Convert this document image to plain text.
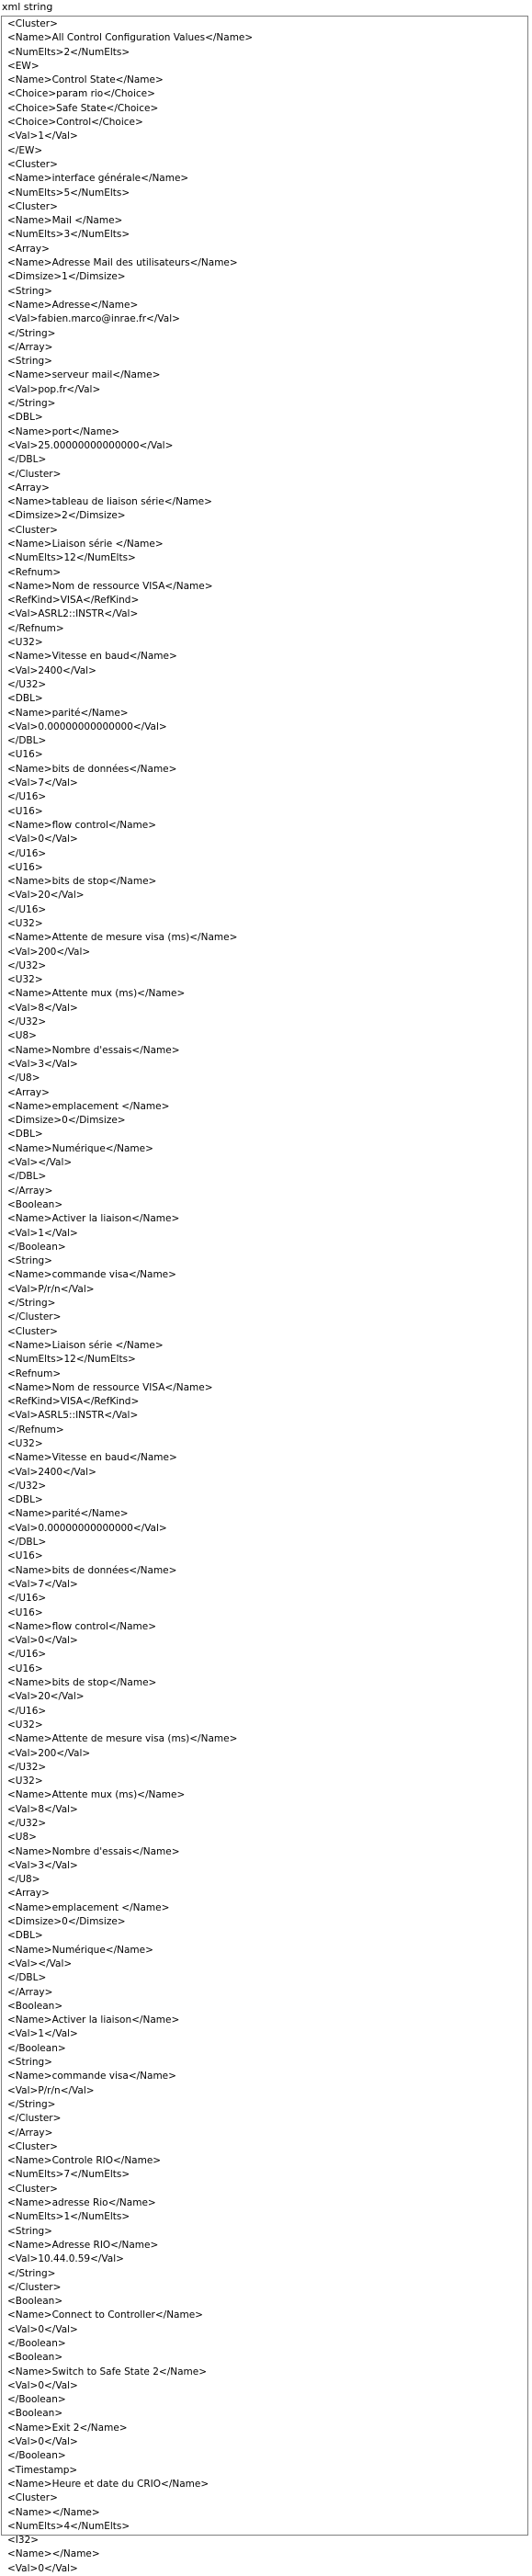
xml string
<Cluster>
<Name>All Control Configuration Values</Name>
<NumElts>2</NumElts>
<EW>
<Name>Control State</Name>
<Choice>param rio</Choice>
<Choice>Safe State</Choice>
<Choice>Control</Choice>
<Val>1</Val>
</EW>
<Cluster>
<Name>interface générale</Name>
<NumElts>5</NumElts>
<Cluster>
<Name>Mail </Name>
<NumElts>3</NumElts>
<Array>
<Name>Adresse Mail des utilisateurs</Name>
<Dimsize>1</Dimsize>
<String>
<Name>Adresse</Name>
<Val>fabien.marco@inrae.fr</Val>
</String>
</Array>
<String>
<Name>serveur mail</Name>
<Val>pop.fr</Val>
</String>
<DBL>
<Name>port</Name>
<Val>25.00000000000000</Val>
</DBL>
</Cluster>
<Array>
<Name>tableau de liaison série</Name>
<Dimsize>2</Dimsize>
<Cluster>
<Name>Liaison série </Name>
<NumElts>12</NumElts>
<Refnum>
<Name>Nom de ressource VISA</Name>
<RefKind>VISA</RefKind>
<Val>ASRL2::INSTR</Val>
</Refnum>
<U32>
<Name>Vitesse en baud</Name>
<Val>2400</Val>
</U32>
<DBL>
<Name>parité</Name>
<Val>0.00000000000000</Val>
</DBL>
<U16>
<Name>bits de données</Name>
<Val>7</Val>
</U16>
<U16>
<Name>flow control</Name>
<Val>0</Val>
</U16>
<U16>
<Name>bits de stop</Name>
<Val>20</Val>
</U16>
<U32>
<Name>Attente de mesure visa (ms)</Name>
<Val>200</Val>
</U32>
<U32>
<Name>Attente mux (ms)</Name>
<Val>8</Val>
</U32>
<U8>
<Name>Nombre d'essais</Name>
<Val>3</Val>
</U8>
<Array>
<Name>emplacement </Name>
<Dimsize>0</Dimsize>
<DBL>
<Name>Numérique</Name>
<Val></Val>
</DBL>
</Array>
<Boolean>
<Name>Activer la liaison</Name>
<Val>1</Val>
</Boolean>
<String>
<Name>commande visa</Name>
<Val>P/r/n</Val>
</String>
</Cluster>
<Cluster>
<Name>Liaison série </Name>
<NumElts>12</NumElts>
<Refnum>
<Name>Nom de ressource VISA</Name>
<RefKind>VISA</RefKind>
<Val>ASRL5::INSTR</Val>
</Refnum>
<U32>
<Name>Vitesse en baud</Name>
<Val>2400</Val>
</U32>
<DBL>
<Name>parité</Name>
<Val>0.00000000000000</Val>
</DBL>
<U16>
<Name>bits de données</Name>
<Val>7</Val>
</U16>
<U16>
<Name>flow control</Name>
<Val>0</Val>
</U16>
<U16>
<Name>bits de stop</Name>
<Val>20</Val>
</U16>
<U32>
<Name>Attente de mesure visa (ms)</Name>
<Val>200</Val>
</U32>
<U32>
<Name>Attente mux (ms)</Name>
<Val>8</Val>
</U32>
<U8>
<Name>Nombre d'essais</Name>
<Val>3</Val>
</U8>
<Array>
<Name>emplacement </Name>
<Dimsize>0</Dimsize>
<DBL>
<Name>Numérique</Name>
<Val></Val>
</DBL>
</Array>
<Boolean>
<Name>Activer la liaison</Name>
<Val>1</Val>
</Boolean>
<String>
<Name>commande visa</Name>
<Val>P/r/n</Val>
</String>
</Cluster>
</Array>
<Cluster>
<Name>Controle RIO</Name>
<NumElts>7</NumElts>
<Cluster>
<Name>adresse Rio</Name>
<NumElts>1</NumElts>
<String>
<Name>Adresse RIO</Name>
<Val>10.44.0.59</Val>
</String>
</Cluster>
<Boolean>
<Name>Connect to Controller</Name>
<Val>0</Val>
</Boolean>
<Boolean>
<Name>Switch to Safe State 2</Name>
<Val>0</Val>
</Boolean>
<Boolean>
<Name>Exit 2</Name>
<Val>0</Val>
</Boolean>
<Timestamp>
<Name>Heure et date du CRIO</Name>
<Cluster>
<Name></Name>
<NumElts>4</NumElts>
<I32>
<Name></Name>
<Val>0</Val>
